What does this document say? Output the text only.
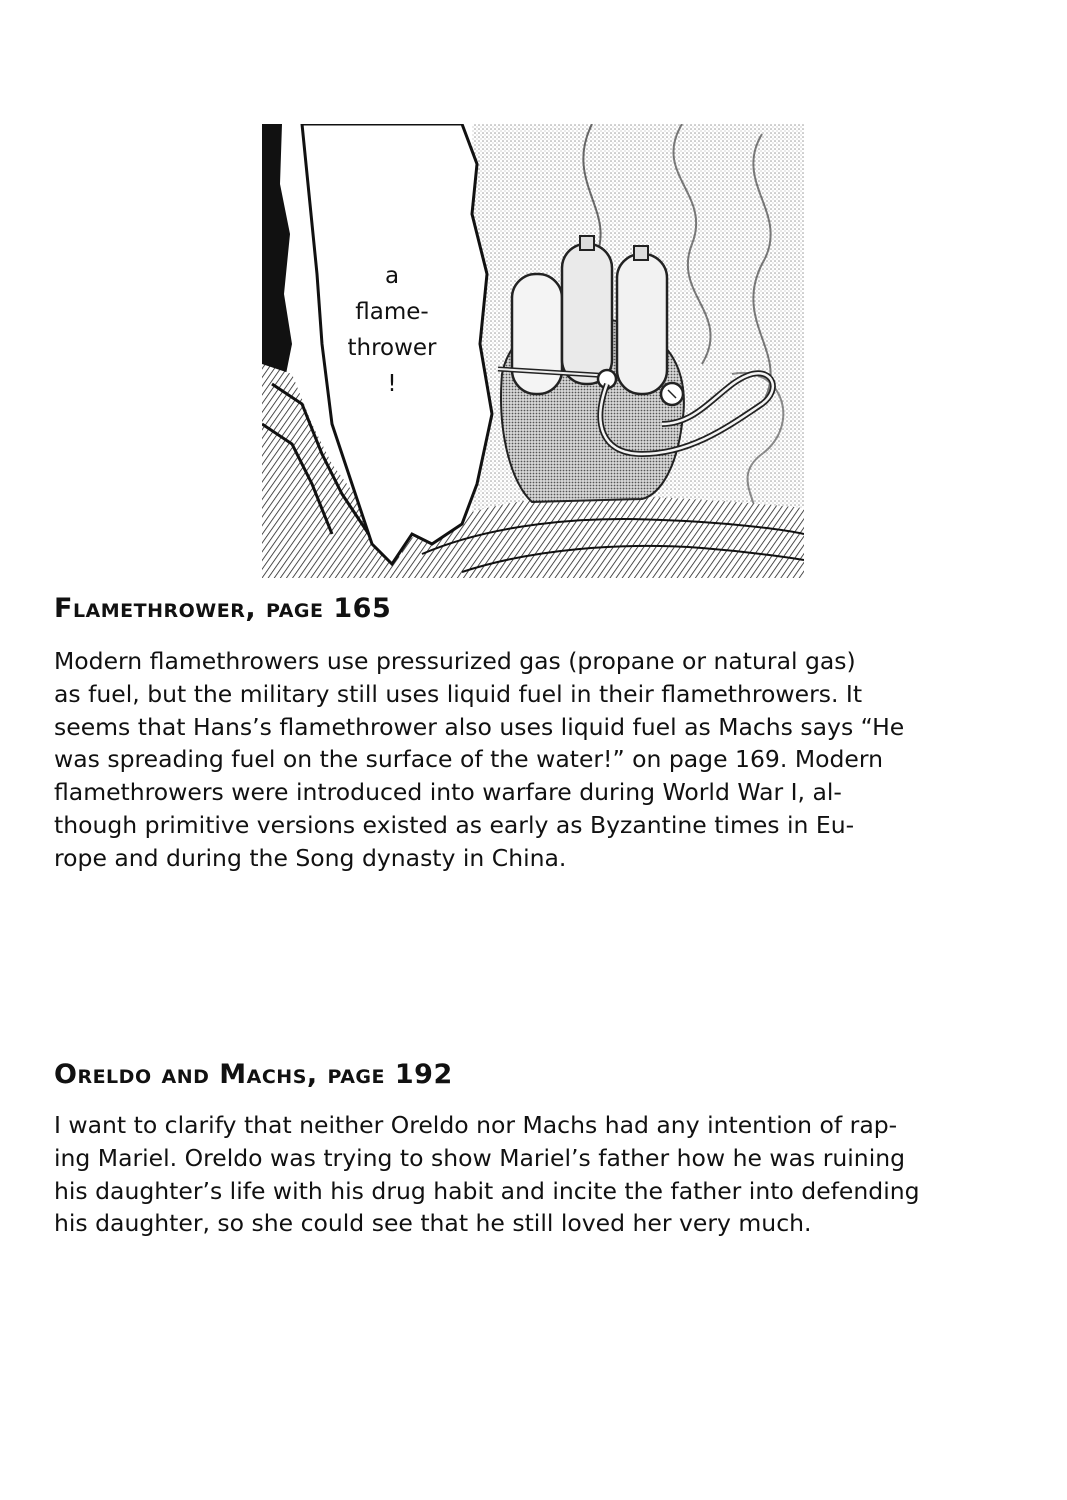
a
flame-
thrower
!
Flamethrower, page 165
Modern flamethrowers use pressurized gas (propane or natural gas)
as fuel, but the military still uses liquid fuel in their flamethrowers. It
seems that Hans’s flamethrower also uses liquid fuel as Machs says “He
was spreading fuel on the surface of the water!” on page 169. Modern
flamethrowers were introduced into warfare during World War I, al-
though primitive versions existed as early as Byzantine times in Eu-
rope and during the Song dynasty in China.
Oreldo and Machs, page 192
I want to clarify that neither Oreldo nor Machs had any intention of rap-
ing Mariel. Oreldo was trying to show Mariel’s father how he was ruining
his daughter’s life with his drug habit and incite the father into defending
his daughter, so she could see that he still loved her very much.
